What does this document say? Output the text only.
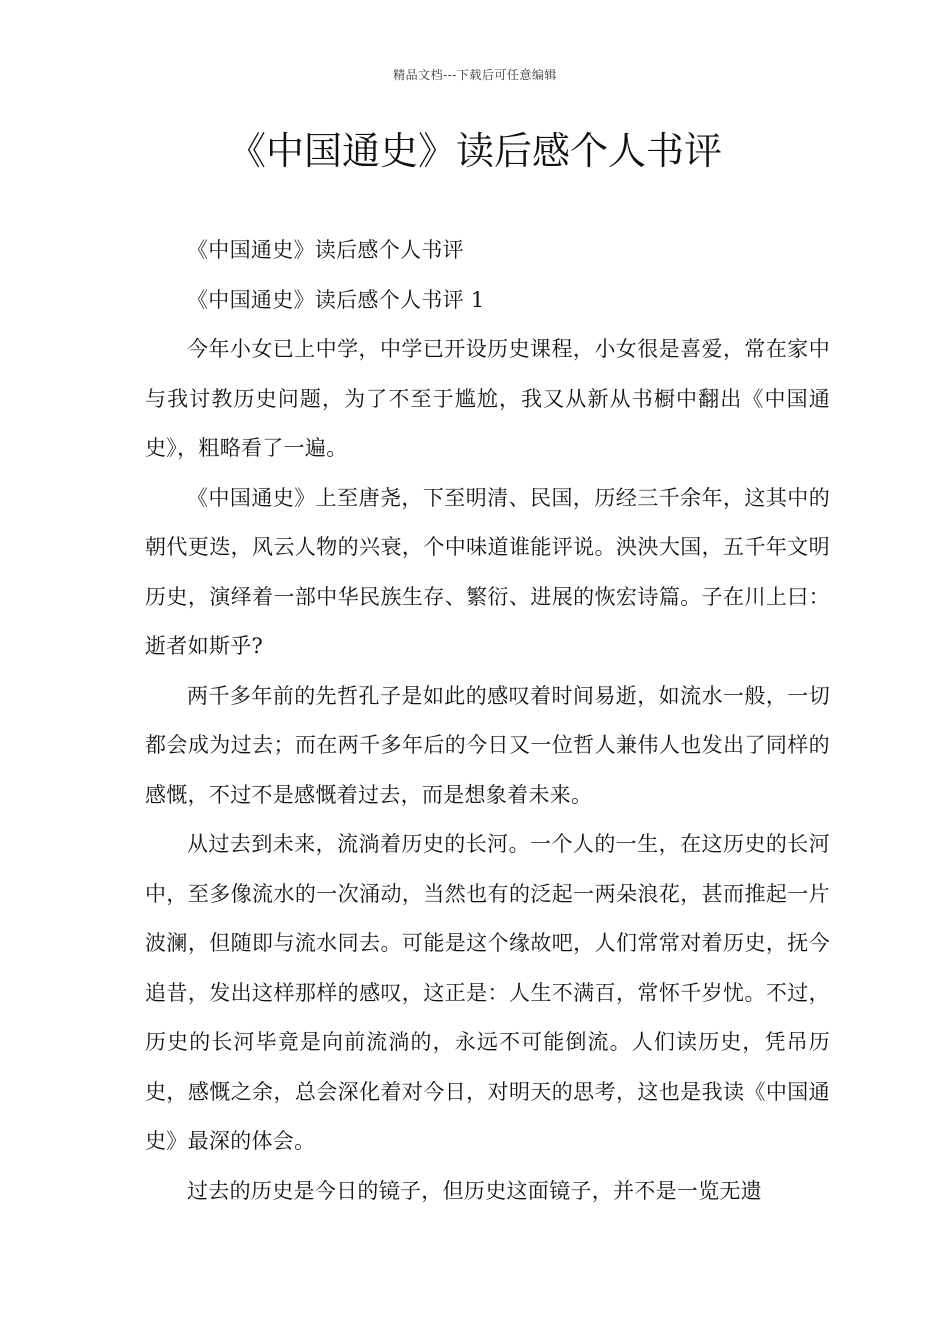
精品文档---下载后可任意编辑
《中国通史》读后感个人书评

《中国通史》读后感个人书评

《中国通史》读后感个人书评 1

今年小女已上中学，中学已开设历史课程，小女很是喜爱，常在家中与我讨教历史问题，为了不至于尴尬，我又从新从书橱中翻出《中国通史》，粗略看了一遍。

《中国通史》上至唐尧，下至明清、民国，历经三千余年，这其中的朝代更迭，风云人物的兴衰，个中味道谁能评说。泱泱大国，五千年文明历史，演绎着一部中华民族生存、繁衍、进展的恢宏诗篇。子在川上曰：逝者如斯乎?

两千多年前的先哲孔子是如此的感叹着时间易逝，如流水一般，一切都会成为过去；而在两千多年后的今日又一位哲人兼伟人也发出了同样的感慨，不过不是感慨着过去，而是想象着未来。

从过去到未来，流淌着历史的长河。一个人的一生，在这历史的长河中，至多像流水的一次涌动，当然也有的泛起一两朵浪花，甚而推起一片波澜，但随即与流水同去。可能是这个缘故吧，人们常常对着历史，抚今追昔，发出这样那样的感叹，这正是：人生不满百，常怀千岁忧。不过，历史的长河毕竟是向前流淌的，永远不可能倒流。人们读历史，凭吊历史，感慨之余，总会深化着对今日，对明天的思考，这也是我读《中国通史》最深的体会。

过去的历史是今日的镜子，但历史这面镜子，并不是一览无遗
